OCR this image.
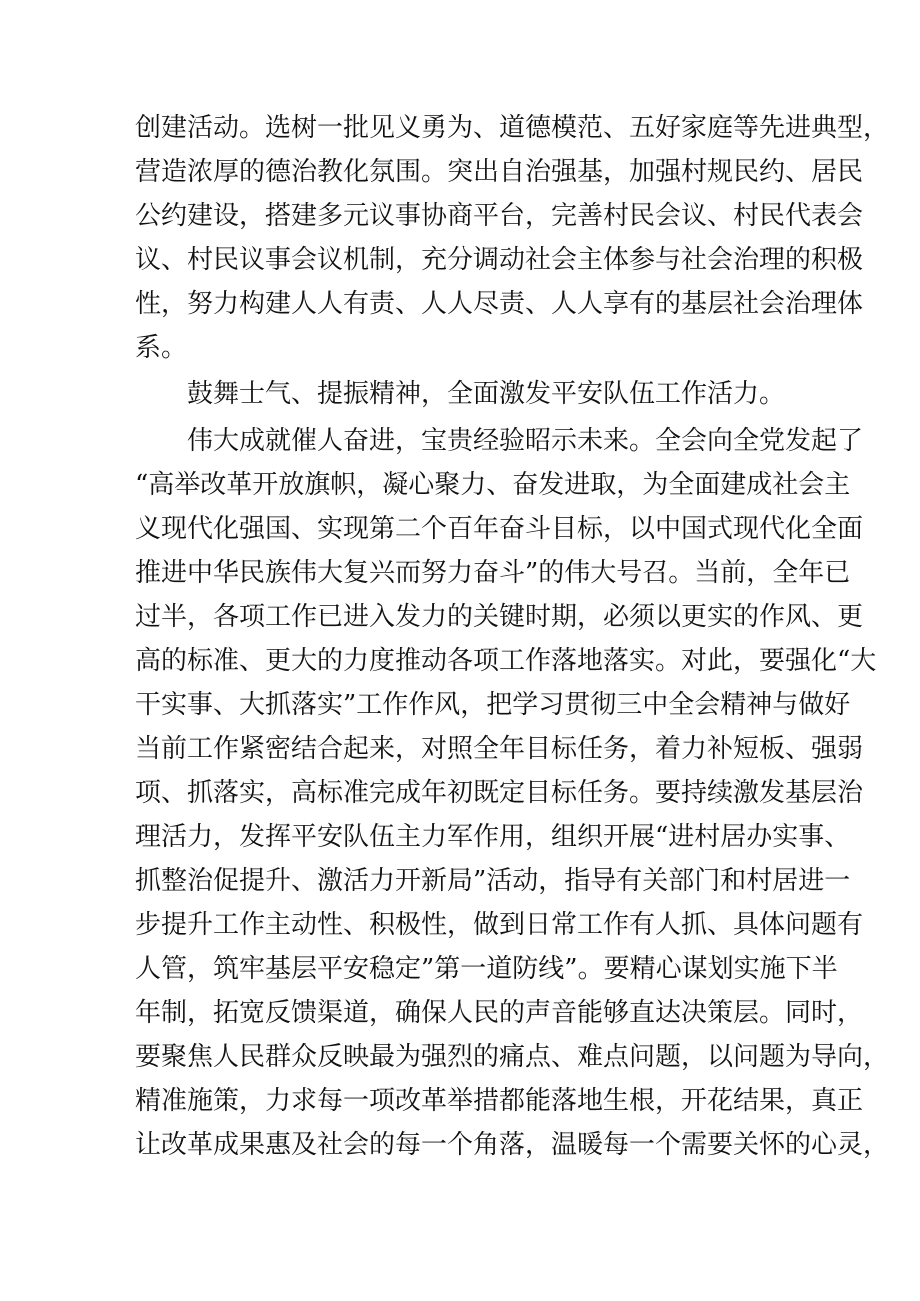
创建活动。选树一批见义勇为、道德模范、五好家庭等先进典型，
营造浓厚的德治教化氛围。突出自治强基，加强村规民约、居民
公约建设，搭建多元议事协商平台，完善村民会议、村民代表会
议、村民议事会议机制，充分调动社会主体参与社会治理的积极
性，努力构建人人有责、人人尽责、人人享有的基层社会治理体
系。
鼓舞士气、提振精神，全面激发平安队伍工作活力。
伟大成就催人奋进，宝贵经验昭示未来。全会向全党发起了
“高举改革开放旗帜，凝心聚力、奋发进取，为全面建成社会主
义现代化强国、实现第二个百年奋斗目标，以中国式现代化全面
推进中华民族伟大复兴而努力奋斗”的伟大号召。当前，全年已
过半，各项工作已进入发力的关键时期，必须以更实的作风、更
高的标准、更大的力度推动各项工作落地落实。对此，要强化“大
干实事、大抓落实”工作作风，把学习贯彻三中全会精神与做好
当前工作紧密结合起来，对照全年目标任务，着力补短板、强弱
项、抓落实，高标准完成年初既定目标任务。要持续激发基层治
理活力，发挥平安队伍主力军作用，组织开展“进村居办实事、
抓整治促提升、激活力开新局”活动，指导有关部门和村居进一
步提升工作主动性、积极性，做到日常工作有人抓、具体问题有
人管，筑牢基层平安稳定”第一道防线”。要精心谋划实施下半
年制，拓宽反馈渠道，确保人民的声音能够直达决策层。同时，
要聚焦人民群众反映最为强烈的痛点、难点问题，以问题为导向，
精准施策，力求每一项改革举措都能落地生根，开花结果，真正
让改革成果惠及社会的每一个角落，温暖每一个需要关怀的心灵，
